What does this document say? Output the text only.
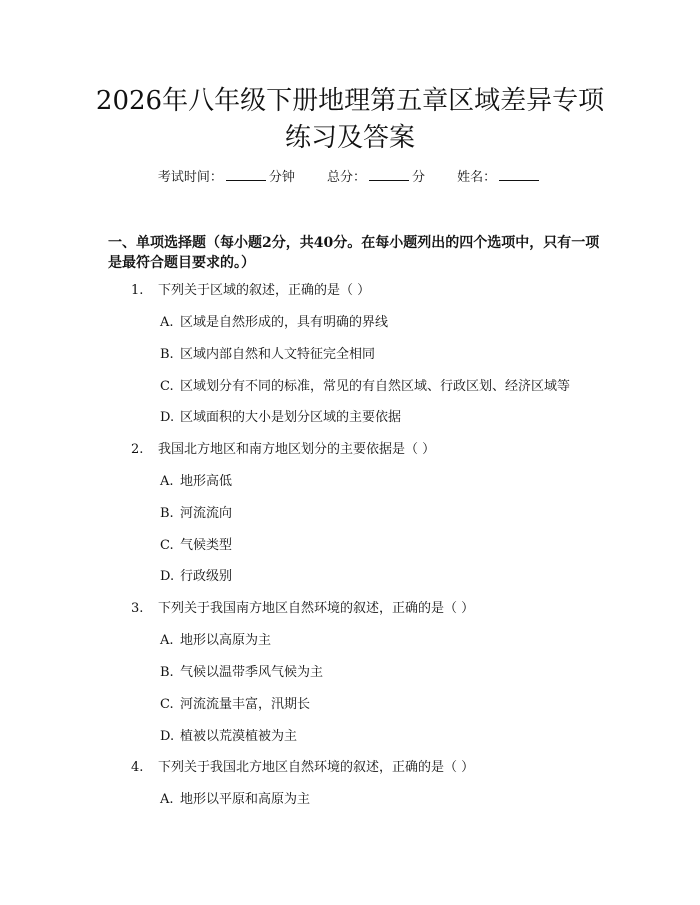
2026年八年级下册地理第五章区域差异专项
练习及答案
考试时间：	分钟 总分：	分 姓名：
一、单项选择题（每小题2分，共40分。在每小题列出的四个选项中，只有一项
是最符合题目要求的。）
1. 下列关于区域的叙述，正确的是（ ）
A. 区域是自然形成的，具有明确的界线
B. 区域内部自然和人文特征完全相同
C. 区域划分有不同的标准，常见的有自然区域、行政区划、经济区域等
D. 区域面积的大小是划分区域的主要依据
2. 我国北方地区和南方地区划分的主要依据是（ ）
A. 地形高低
B. 河流流向
C. 气候类型
D. 行政级别
3. 下列关于我国南方地区自然环境的叙述，正确的是（ ）
A. 地形以高原为主
B. 气候以温带季风气候为主
C. 河流流量丰富，汛期长
D. 植被以荒漠植被为主
4. 下列关于我国北方地区自然环境的叙述，正确的是（ ）
A. 地形以平原和高原为主
